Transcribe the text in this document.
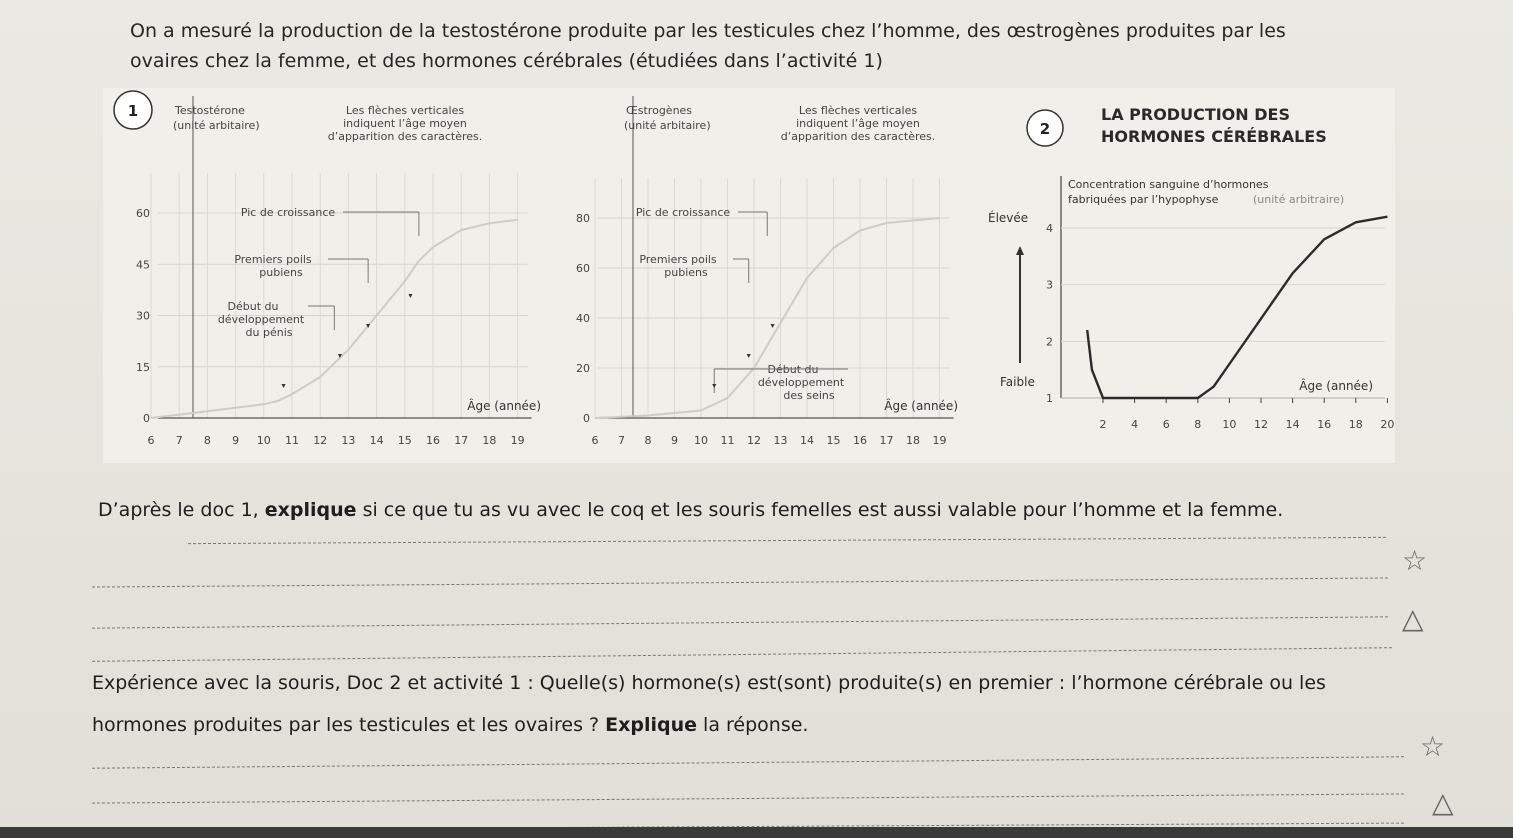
On a mesuré la production de la testostérone produite par les testicules chez l’homme, des œstrogènes produites par les
ovaires chez la femme, et des hormones cérébrales (étudiées dans l’activité 1)
6 7 8 9 10 11 12 13 14 15 16 17 18 19
0
15
30
45
60
Testostérone
(unité arbitaire)
Les flèches verticales
indiquent l’âge moyen
d’apparition des caractères.
Âge (année)
Pic de croissance
Premiers poils
pubiens
Début du
développement
du pénis
6 7 8 9 10 11 12 13 14 15 16 17 18 19
0
20
40
60
80
Œstrogènes
(unité arbitaire)
Les flèches verticales
indiquent l’âge moyen
d’apparition des caractères.
Âge (année)
Pic de croissance
Premiers poils
pubiens
Début du
développement
des seins
2
LA PRODUCTION DES
HORMONES CÉRÉBRALES
Concentration sanguine d’hormones
fabriquées par l’hypophyse	(unité arbitraire)
Élevée
Faible
1
2
3
4
2 4 6 8 10 12 14 16 18 20
Âge (année)
1
D’après le doc 1, explique si ce que tu as vu avec le coq et les souris femelles est aussi valable pour l’homme et la femme.
☆
△
Expérience avec la souris, Doc 2 et activité 1 : Quelle(s) hormone(s) est(sont) produite(s) en premier : l’hormone cérébrale ou les hormones produites par les testicules et les ovaires ? Explique la réponse.
☆
△
